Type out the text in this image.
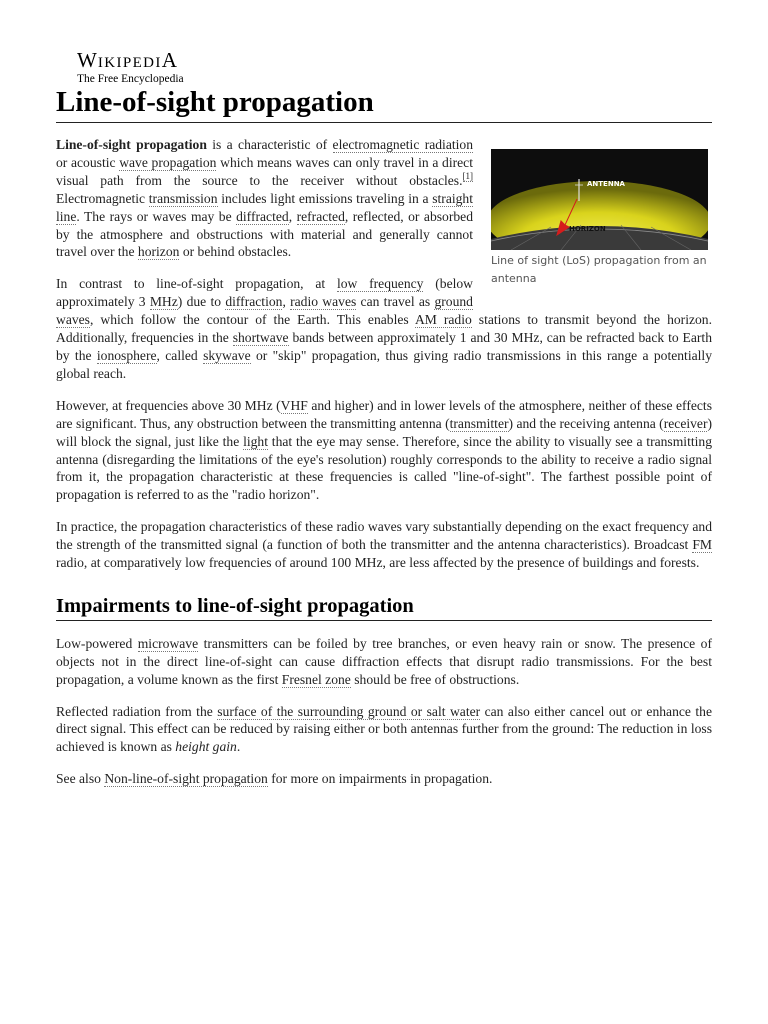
WIKIPEDIA
The Free Encyclopedia
Line-of-sight propagation
ANTENNA
HORIZON
Line of sight (LoS) propagation from an antenna

Line-of-sight propagation is a characteristic of electromagnetic radiation or acoustic wave propagation which means waves can only travel in a direct visual path from the source to the receiver without obstacles.[1] Electromagnetic transmission includes light emissions traveling in a straight line. The rays or waves may be diffracted, refracted, reflected, or absorbed by the atmosphere and obstructions with material and generally cannot travel over the horizon or behind obstacles.

In contrast to line-of-sight propagation, at low frequency (below approximately 3 MHz) due to diffraction, radio waves can travel as ground waves, which follow the contour of the Earth. This enables AM radio stations to transmit beyond the horizon. Additionally, frequencies in the shortwave bands between approximately 1 and 30 MHz, can be refracted back to Earth by the ionosphere, called skywave or "skip" propagation, thus giving radio transmissions in this range a potentially global reach.

However, at frequencies above 30 MHz (VHF and higher) and in lower levels of the atmosphere, neither of these effects are significant. Thus, any obstruction between the transmitting antenna (transmitter) and the receiving antenna (receiver) will block the signal, just like the light that the eye may sense. Therefore, since the ability to visually see a transmitting antenna (disregarding the limitations of the eye's resolution) roughly corresponds to the ability to receive a radio signal from it, the propagation characteristic at these frequencies is called "line-of-sight". The farthest possible point of propagation is referred to as the "radio horizon".

In practice, the propagation characteristics of these radio waves vary substantially depending on the exact frequency and the strength of the transmitted signal (a function of both the transmitter and the antenna characteristics). Broadcast FM radio, at comparatively low frequencies of around 100 MHz, are less affected by the presence of buildings and forests.

Impairments to line-of-sight propagation

Low-powered microwave transmitters can be foiled by tree branches, or even heavy rain or snow. The presence of objects not in the direct line-of-sight can cause diffraction effects that disrupt radio transmissions. For the best propagation, a volume known as the first Fresnel zone should be free of obstructions.

Reflected radiation from the surface of the surrounding ground or salt water can also either cancel out or enhance the direct signal. This effect can be reduced by raising either or both antennas further from the ground: The reduction in loss achieved is known as height gain.

See also Non-line-of-sight propagation for more on impairments in propagation.
